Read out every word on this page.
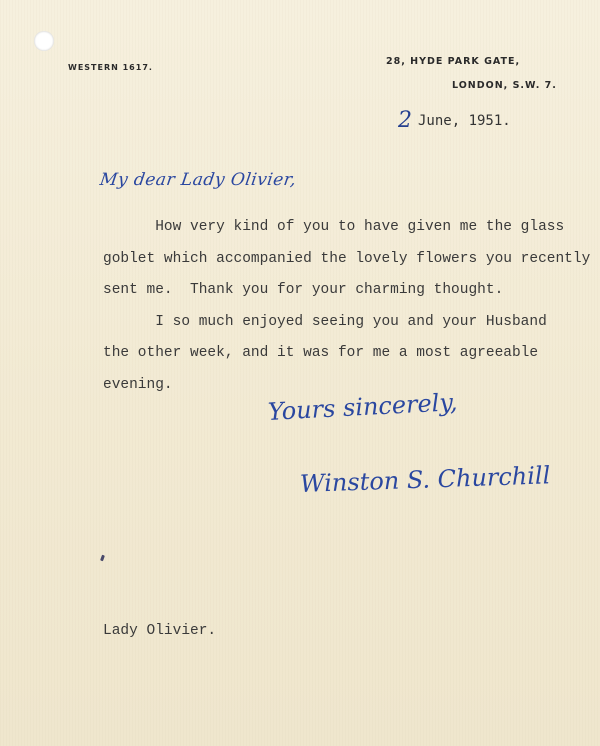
WESTERN 1617.
28, HYDE PARK GATE,
LONDON, S.W. 7.
2 June, 1951.
My dear Lady Olivier,

How very kind of you to have given me the glass

goblet which accompanied the lovely flowers you recently

sent me.  Thank you for your charming thought.

I so much enjoyed seeing you and your Husband

the other week, and it was for me a most agreeable

evening.

Yours sincerely,
Winston S. Churchill
Lady Olivier.
